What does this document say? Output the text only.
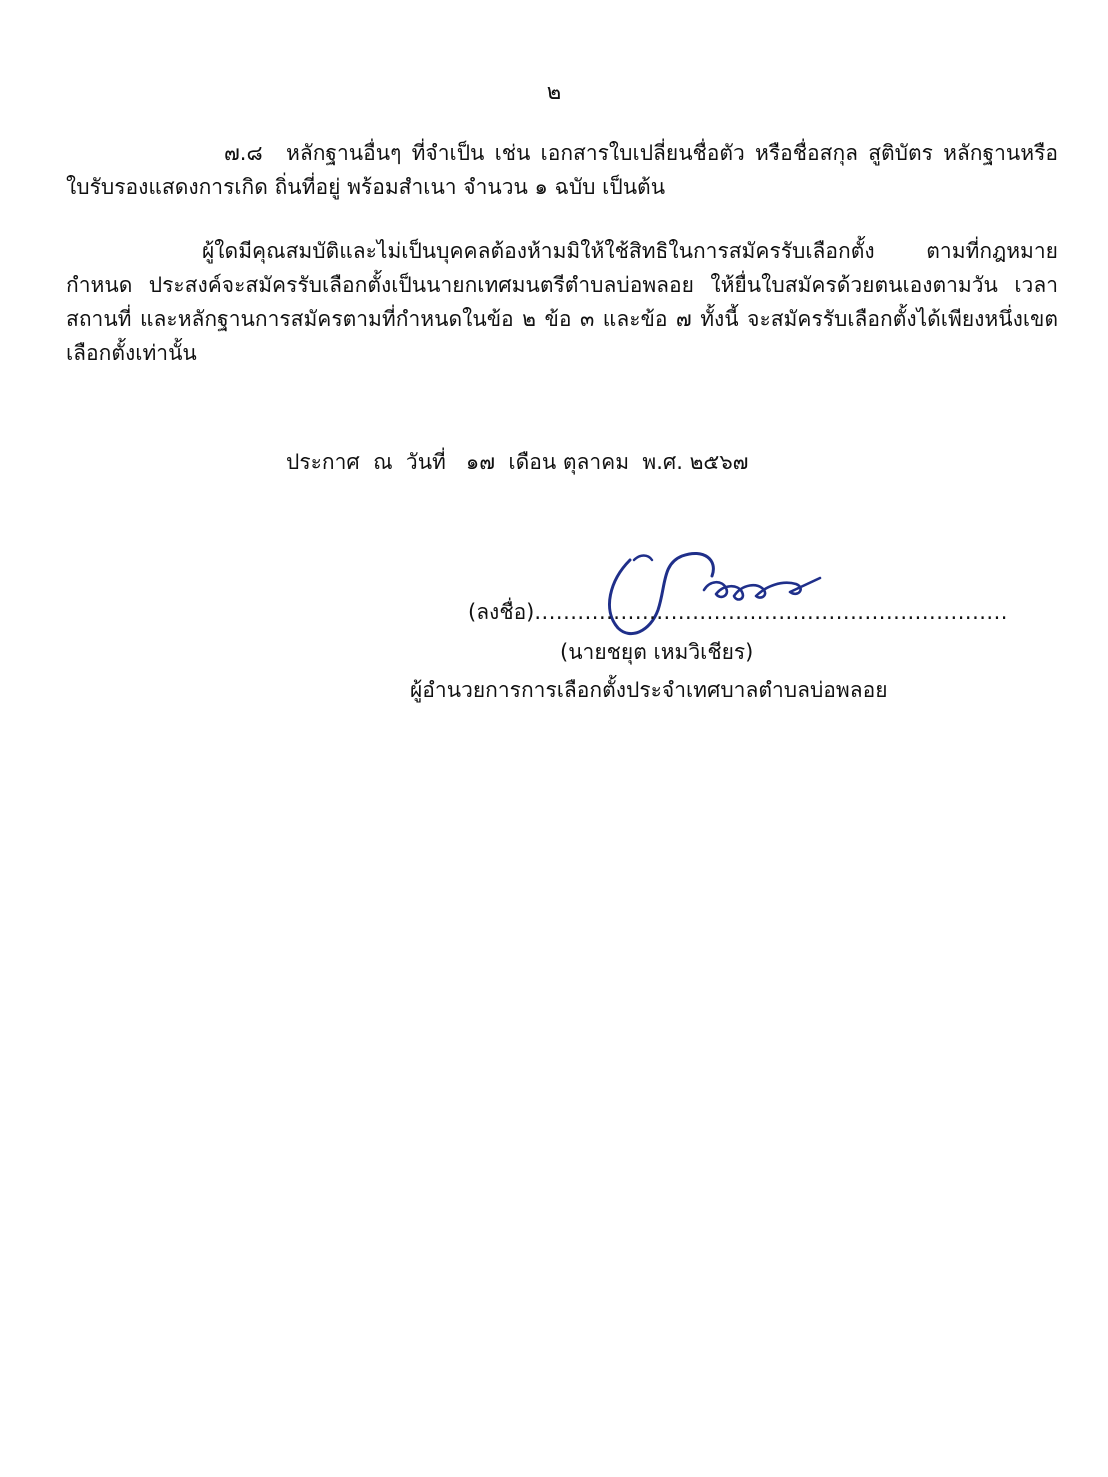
๒

๗.๘ หลักฐานอื่นๆ ที่จำเป็น เช่น เอกสารใบเปลี่ยนชื่อตัว หรือชื่อสกุล สูติบัตร หลักฐานหรือใบรับรองแสดงการเกิด ถิ่นที่อยู่ พร้อมสำเนา จำนวน ๑ ฉบับ เป็นต้น

ผู้ใดมีคุณสมบัติและไม่เป็นบุคคลต้องห้ามมิให้ใช้สิทธิในการสมัครรับเลือกตั้ง ตามที่กฎหมายกำหนด ประสงค์จะสมัครรับเลือกตั้งเป็นนายกเทศมนตรีตำบลบ่อพลอย ให้ยื่นใบสมัครด้วยตนเองตามวัน เวลา สถานที่ และหลักฐานการสมัครตามที่กำหนดในข้อ ๒ ข้อ ๓ และข้อ ๗ ทั้งนี้ จะสมัครรับเลือกตั้งได้เพียงหนึ่งเขตเลือกตั้งเท่านั้น

ประกาศ  ณ  วันที่   ๑๗  เดือน ตุลาคม  พ.ศ. ๒๕๖๗
(ลงชื่อ)..................................................................
(นายชยุต เหมวิเชียร)
ผู้อำนวยการการเลือกตั้งประจำเทศบาลตำบลบ่อพลอย
